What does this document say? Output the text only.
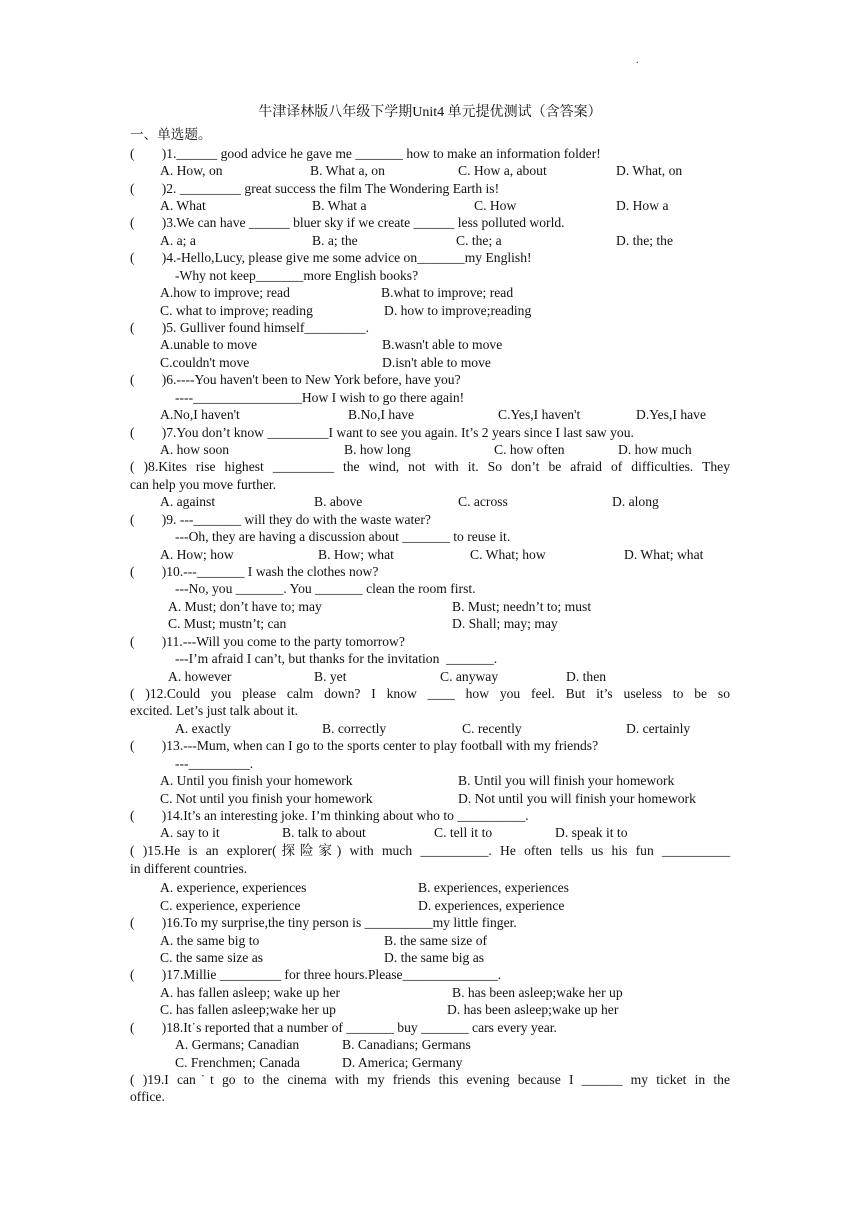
.
牛津译林版八年级下学期Unit4 单元提优测试（含答案）
一、单选题。
(        )1.______ good advice he gave me _______ how to make an information folder!
A. How, on	B. What a, on	C. How a, about	D. What, on
(        )2. _________ great success the film The Wondering Earth is!
A. What	B. What a	C. How	D. How a
(        )3.We can have ______ bluer sky if we create ______ less polluted world.
A. a; a	B. a; the	C. the; a	D. the; the
(        )4.-Hello,Lucy, please give me some advice on_______my English!
-Why not keep_______more English books?
A.how to improve; read	B.what to improve; read
C. what to improve; reading	D. how to improve;reading
(        )5. Gulliver found himself_________.
A.unable to move	B.wasn't able to move
C.couldn't move	D.isn't able to move
(        )6.----You haven't been to New York before, have you?
----________________How I wish to go there again!
A.No,I haven't	B.No,I have	C.Yes,I haven't	D.Yes,I have
(        )7.You don’t know _________I want to see you again. It’s 2 years since I last saw you.
A. how soon	B. how long	C. how often	D. how much
( )8.Kites rise highest _________ the wind, not with it. So don’t be afraid of difficulties. They
can help you move further.
A. against	B. above	C. across	D. along
(        )9. ---_______ will they do with the waste water?
---Oh, they are having a discussion about _______ to reuse it.
A. How; how	B. How; what	C. What; how	D. What; what
(        )10.---_______ I wash the clothes now?
---No, you _______. You _______ clean the room first.
A. Must; don’t have to; may	B. Must; needn’t to; must
C. Must; mustn’t; can	D. Shall; may; may
(        )11.---Will you come to the party tomorrow?
---I’m afraid I can’t, but thanks for the invitation  _______.
A. however	B. yet	C. anyway	D. then
( )12.Could you please calm down? I know ____ how you feel. But it’s useless to be so
excited. Let’s just talk about it.
A. exactly	B. correctly	C. recently	D. certainly
(        )13.---Mum, when can I go to the sports center to play football with my friends?
---_________.
A. Until you finish your homework	B. Until you will finish your homework
C. Not until you finish your homework	D. Not until you will finish your homework
(        )14.It’s an interesting joke. I’m thinking about who to __________.
A. say to it	B. talk to about	C. tell it to	D. speak it to
( )15.He is an explorer(探险家) with much __________. He often tells us his fun __________
in different countries.
A. experience, experiences	B. experiences, experiences
C. experience, experience	D. experiences, experience
(        )16.To my surprise,the tiny person is __________my little finger.
A. the same big to	B. the same size of
C. the same size as	D. the same big as
(        )17.Millie _________ for three hours.Please______________.
A. has fallen asleep; wake up her	B. has been asleep;wake her up
C. has fallen asleep;wake her up	D. has been asleep;wake up her
(        )18.It˙s reported that a number of _______ buy _______ cars every year.
A. Germans; Canadian	B. Canadians; Germans
C. Frenchmen; Canada	D. America; Germany
( )19.I can˙t go to the cinema with my friends this evening because I ______ my ticket in the
office.
